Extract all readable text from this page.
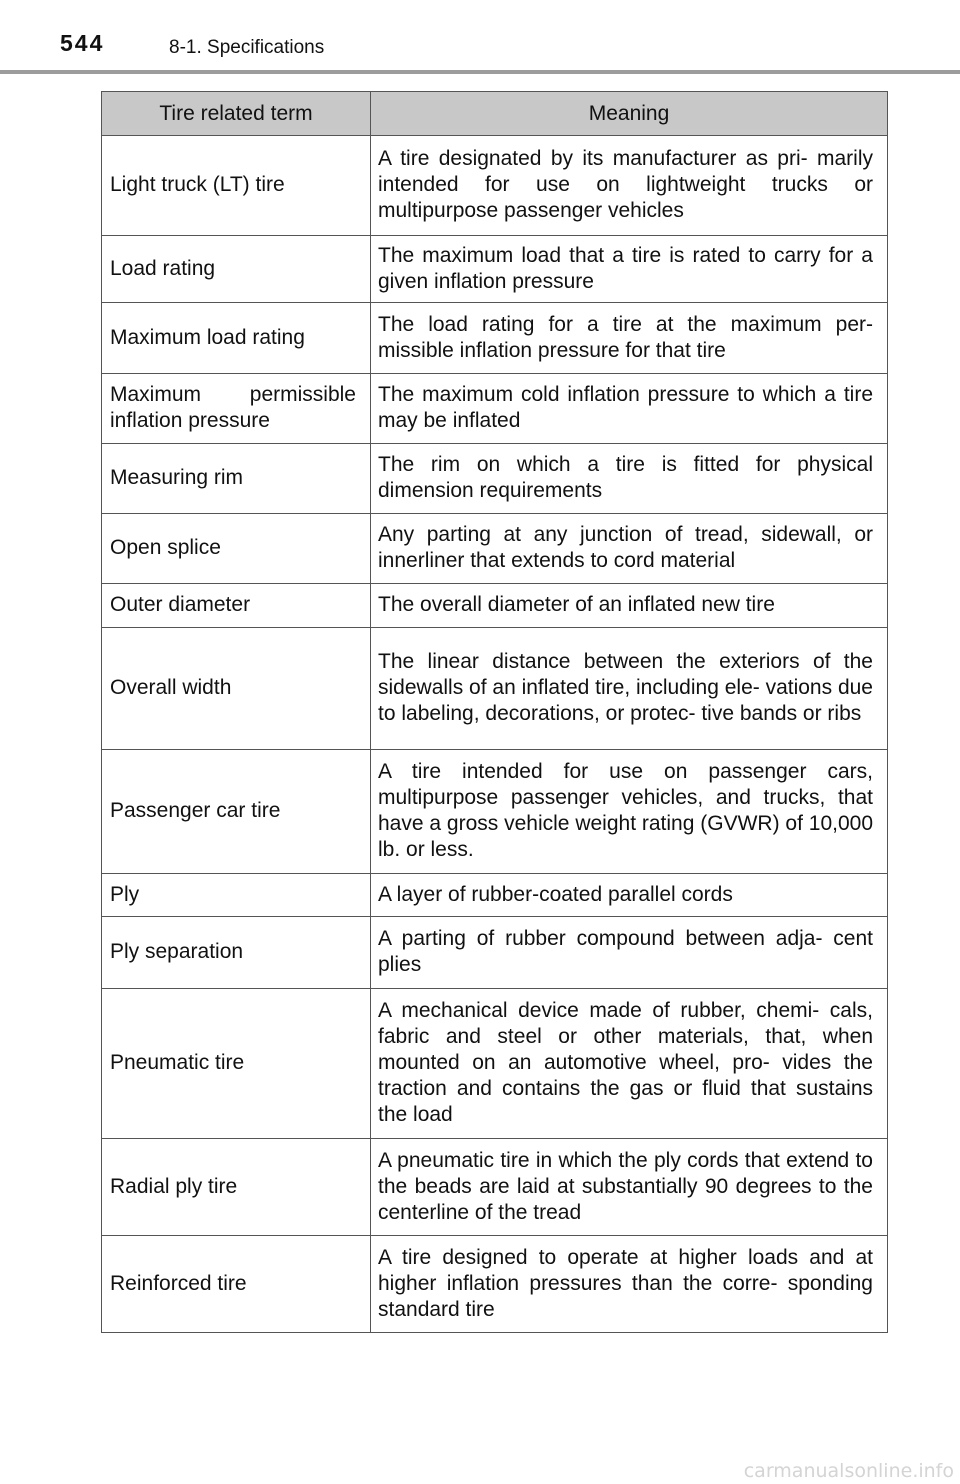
544	8-1. Specifications
Tire related term	Meaning
Light truck (LT) tire	A tire designated by its manufacturer as pri- marily intended for use on lightweight trucks or multipurpose passenger vehicles
Load rating	The maximum load that a tire is rated to carry for a given inflation pressure
Maximum load rating	The load rating for a tire at the maximum per- missible inflation pressure for that tire
Maximum permissible inflation pressure	The maximum cold inflation pressure to which a tire may be inflated
Measuring rim	The rim on which a tire is fitted for physical dimension requirements
Open splice	Any parting at any junction of tread, sidewall, or innerliner that extends to cord material
Outer diameter	The overall diameter of an inflated new tire
Overall width	The linear distance between the exteriors of the sidewalls of an inflated tire, including ele- vations due to labeling, decorations, or protec- tive bands or ribs
Passenger car tire	A tire intended for use on passenger cars, multipurpose passenger vehicles, and trucks, that have a gross vehicle weight rating (GVWR) of 10,000 lb. or less.
Ply	A layer of rubber-coated parallel cords
Ply separation	A parting of rubber compound between adja- cent plies
Pneumatic tire	A mechanical device made of rubber, chemi- cals, fabric and steel or other materials, that, when mounted on an automotive wheel, pro- vides the traction and contains the gas or fluid that sustains the load
Radial ply tire	A pneumatic tire in which the ply cords that extend to the beads are laid at substantially 90 degrees to the centerline of the tread
Reinforced tire	A tire designed to operate at higher loads and at higher inflation pressures than the corre- sponding standard tire
carmanualsonline.info
